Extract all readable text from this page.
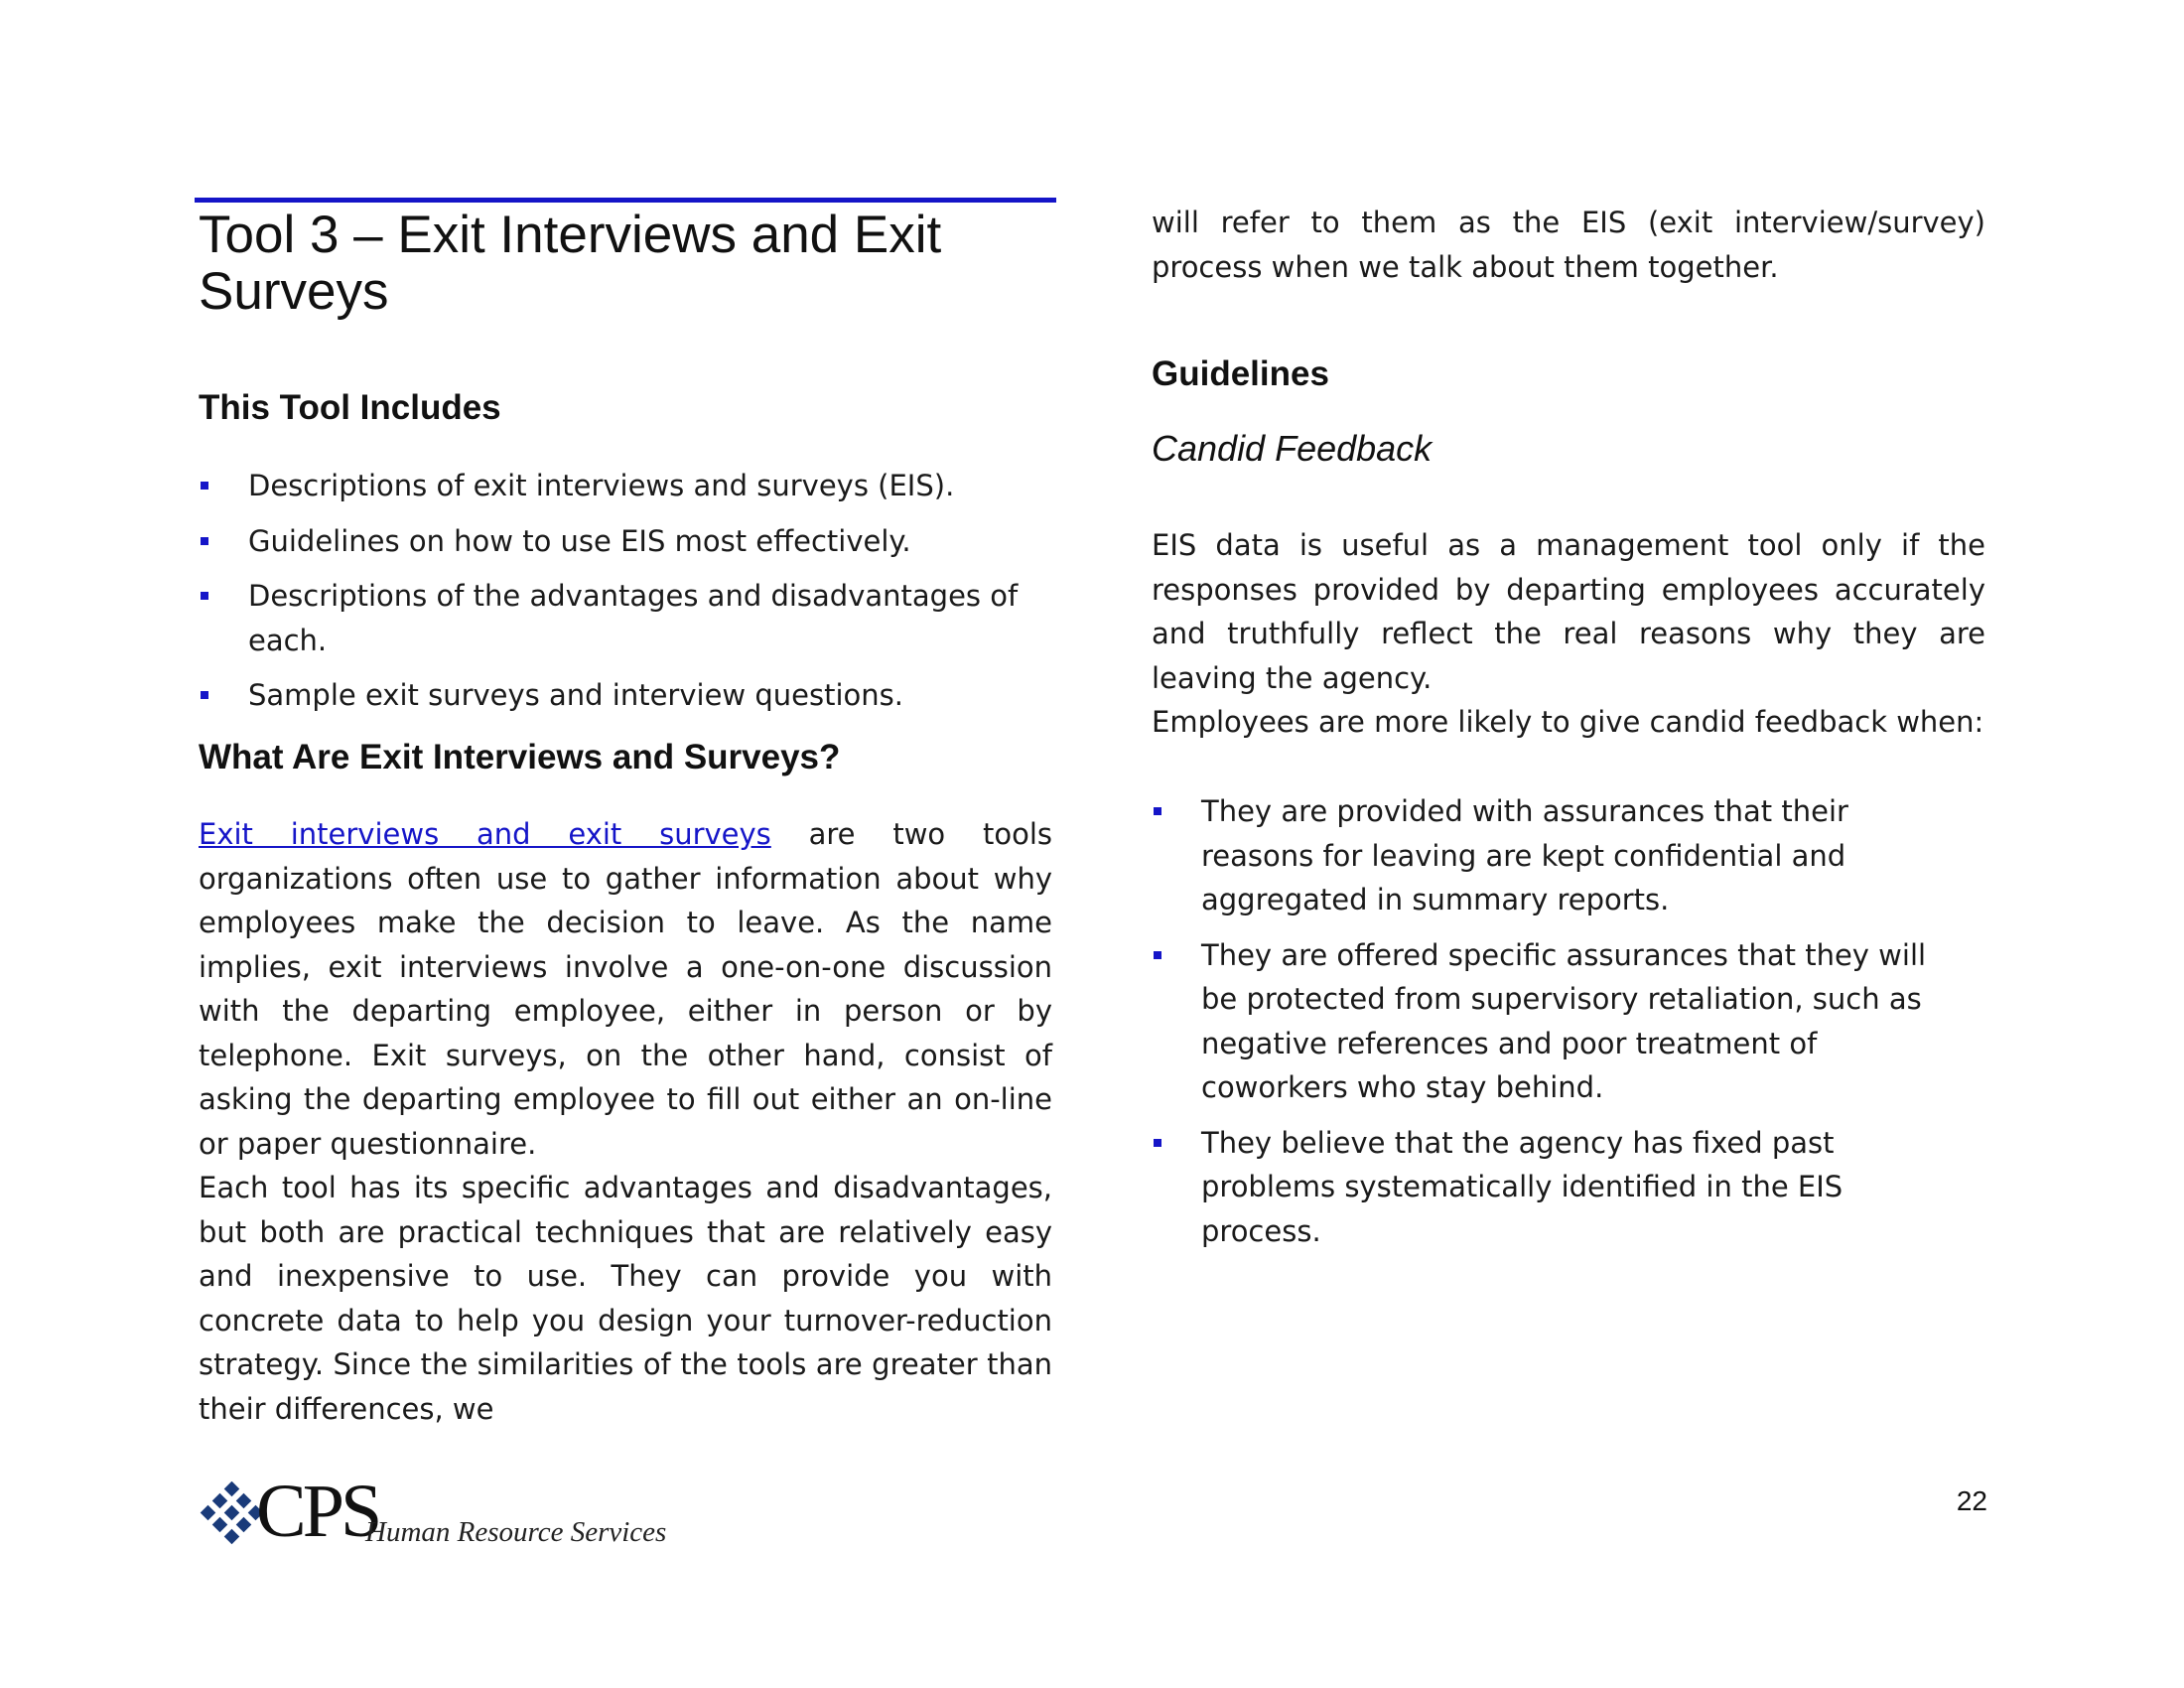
Tool 3 – Exit Interviews and Exit Surveys
This Tool Includes
Descriptions of exit interviews and surveys (EIS).
Guidelines on how to use EIS most effectively.
Descriptions of the advantages and disadvantages of each.
Sample exit surveys and interview questions.
What Are Exit Interviews and Surveys?

Exit interviews and exit surveys are two tools organizations often use to gather information about why employees make the decision to leave. As the name implies, exit interviews involve a one-on-one discussion with the departing employee, either in person or by telephone. Exit surveys, on the other hand, consist of asking the departing employee to fill out either an on-line or paper questionnaire.

Each tool has its specific advantages and disadvantages, but both are practical techniques that are relatively easy and inexpensive to use. They can provide you with concrete data to help you design your turnover-reduction strategy. Since the similarities of the tools are greater than their differences, we

will refer to them as the EIS (exit interview/survey) process when we talk about them together.

Guidelines

Candid Feedback

EIS data is useful as a management tool only if the responses provided by departing employees accurately and truthfully reflect the real reasons why they are leaving the agency.

Employees are more likely to give candid feedback when:

They are provided with assurances that their reasons for leaving are kept confidential and aggregated in summary reports.
They are offered specific assurances that they will be protected from supervisory retaliation, such as negative references and poor treatment of coworkers who stay behind.
They believe that the agency has fixed past problems systematically identified in the EIS process.
CPS
Human Resource Services
22
